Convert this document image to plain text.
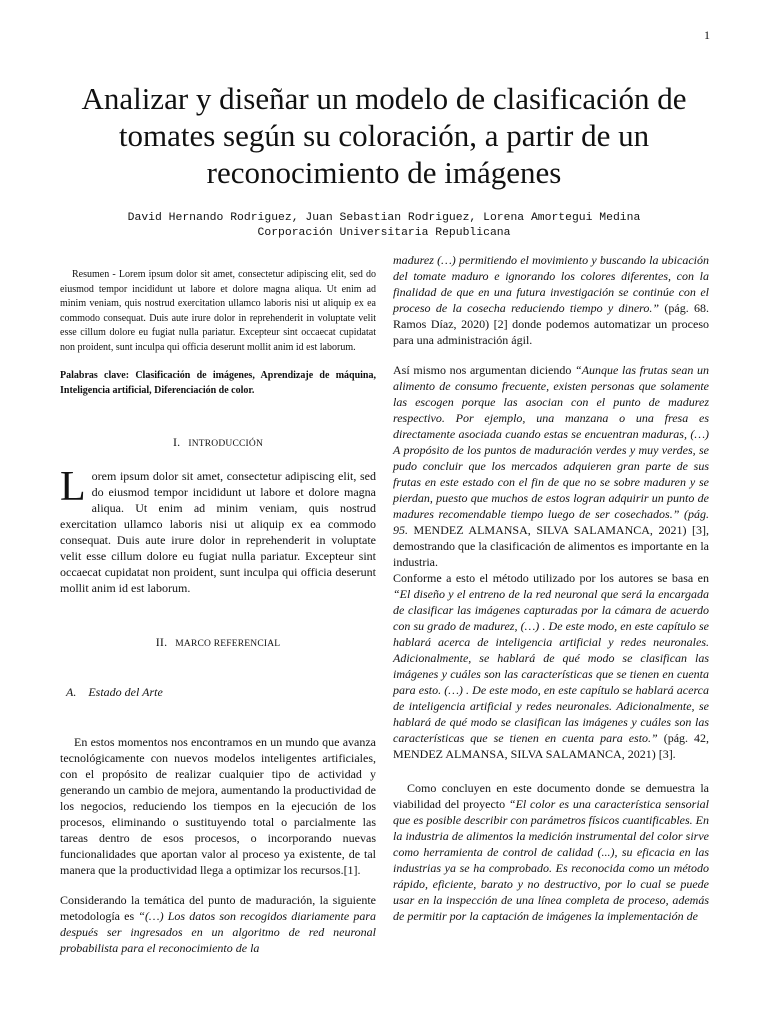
1
Analizar y diseñar un modelo de clasificación de tomates según su coloración, a partir de un reconocimiento de imágenes
David Hernando Rodriguez, Juan Sebastian Rodriguez, Lorena Amortegui Medina
Corporación Universitaria Republicana

Resumen - Lorem ipsum dolor sit amet, consectetur adipiscing elit, sed do eiusmod tempor incididunt ut labore et dolore magna aliqua. Ut enim ad minim veniam, quis nostrud exercitation ullamco laboris nisi ut aliquip ex ea commodo consequat. Duis aute irure dolor in reprehenderit in voluptate velit esse cillum dolore eu fugiat nulla pariatur. Excepteur sint occaecat cupidatat non proident, sunt inculpa qui officia deserunt mollit anim id est laborum.

Palabras clave: Clasificación de imágenes, Aprendizaje de máquina, Inteligencia artificial, Diferenciación de color.

I. INTRODUCCIÓN

Lorem ipsum dolor sit amet, consectetur adipiscing elit, sed do eiusmod tempor incididunt ut labore et dolore magna aliqua. Ut enim ad minim veniam, quis nostrud exercitation ullamco laboris nisi ut aliquip ex ea commodo consequat. Duis aute irure dolor in reprehenderit in voluptate velit esse cillum dolore eu fugiat nulla pariatur. Excepteur sint occaecat cupidatat non proident, sunt inculpa qui officia deserunt mollit anim id est laborum.

II. MARCO REFERENCIAL
A. Estado del Arte

En estos momentos nos encontramos en un mundo que avanza tecnológicamente con nuevos modelos inteligentes artificiales, con el propósito de realizar cualquier tipo de actividad y generando un cambio de mejora, aumentando la productividad de los negocios, reduciendo los tiempos en la ejecución de los procesos, eliminando o sustituyendo total o parcialmente las tareas dentro de esos procesos, o incorporando nuevas funcionalidades que aportan valor al proceso ya existente, de tal manera que la productividad llega a optimizar los recursos.[1].

Considerando la temática del punto de maduración, la siguiente metodología es “(…) Los datos son recogidos diariamente para después ser ingresados en un algoritmo de red neuronal probabilista para el reconocimiento de la

madurez (…) permitiendo el movimiento y buscando la ubicación del tomate maduro e ignorando los colores diferentes, con la finalidad de que en una futura investigación se continúe con el proceso de la cosecha reduciendo tiempo y dinero.” (pág. 68. Ramos Díaz, 2020) [2] donde podemos automatizar un proceso para una administración ágil.

Así mismo nos argumentan diciendo “Aunque las frutas sean un alimento de consumo frecuente, existen personas que solamente las escogen porque las asocian con el punto de madurez respectivo. Por ejemplo, una manzana o una fresa es directamente asociada cuando estas se encuentran maduras, (…) A propósito de los puntos de maduración verdes y muy verdes, se pudo concluir que los mercados adquieren gran parte de sus frutas en este estado con el fin de que no se sobre maduren y se pierdan, puesto que muchos de estos logran adquirir un punto de madures recomendable tiempo luego de ser cosechados.” (pág. 95. MENDEZ ALMANSA, SILVA SALAMANCA, 2021) [3], demostrando que la clasificación de alimentos es importante en la industria.

Conforme a esto el método utilizado por los autores se basa en “El diseño y el entreno de la red neuronal que será la encargada de clasificar las imágenes capturadas por la cámara de acuerdo con su grado de madurez, (…) . De este modo, en este capítulo se hablará acerca de inteligencia artificial y redes neuronales. Adicionalmente, se hablará de qué modo se clasifican las imágenes y cuáles son las características que se tienen en cuenta para esto. (…) . De este modo, en este capítulo se hablará acerca de inteligencia artificial y redes neuronales. Adicionalmente, se hablará de qué modo se clasifican las imágenes y cuáles son las características que se tienen en cuenta para esto.” (pág. 42, MENDEZ ALMANSA, SILVA SALAMANCA, 2021) [3].

Como concluyen en este documento donde se demuestra la viabilidad del proyecto “El color es una característica sensorial que es posible describir con parámetros físicos cuantificables. En la industria de alimentos la medición instrumental del color sirve como herramienta de control de calidad (...), su eficacia en las industrias ya se ha comprobado. Es reconocida como un método rápido, eficiente, barato y no destructivo, por lo cual se puede usar en la inspección de una línea completa de proceso, además de permitir por la captación de imágenes la implementación de
